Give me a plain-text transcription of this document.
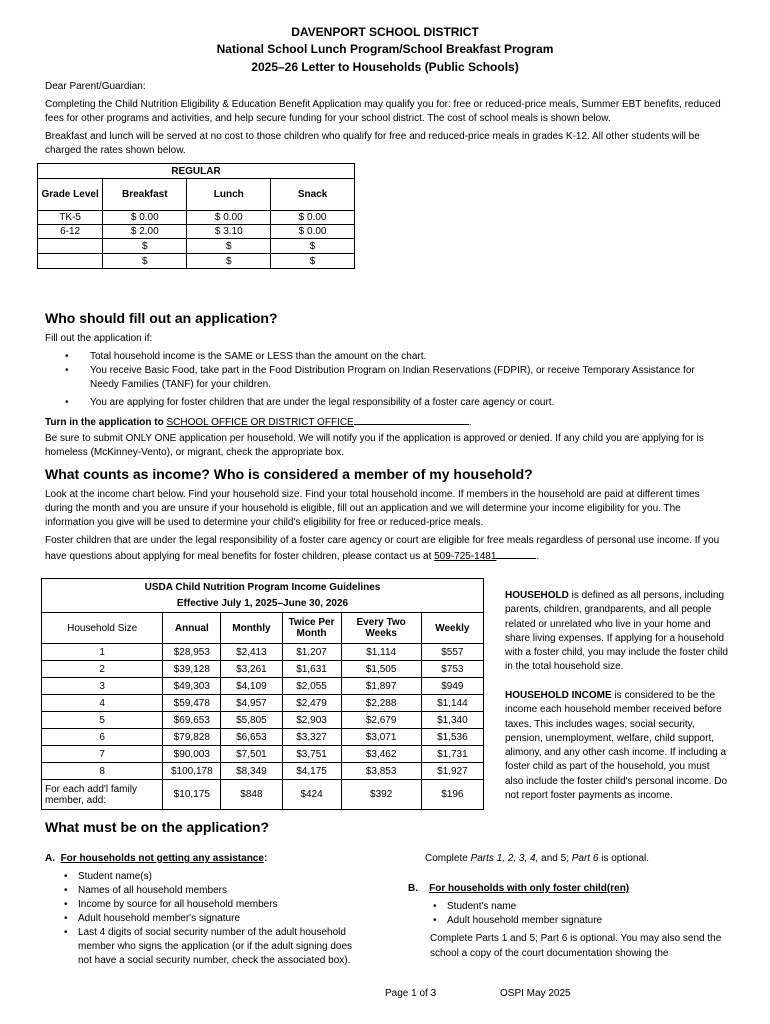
DAVENPORT SCHOOL DISTRICT
National School Lunch Program/School Breakfast Program
2025–26 Letter to Households (Public Schools)
Dear Parent/Guardian:
Completing the Child Nutrition Eligibility & Education Benefit Application may qualify you for: free or reduced-price meals, Summer EBT benefits, reduced fees for other programs and activities, and help secure funding for your school district. The cost of school meals is shown below.
Breakfast and lunch will be served at no cost to those children who qualify for free and reduced-price meals in grades K-12. All other students will be charged the rates shown below.
REGULAR			
Grade Level	Breakfast	Lunch	Snack
TK-5	$ 0.00	$ 0.00	$ 0.00
6-12	$ 2.00	$ 3.10	$ 0.00
	$	$	$
	$	$	$
Who should fill out an application?
Fill out the application if:
• Total household income is the SAME or LESS than the amount on the chart.
• You receive Basic Food, take part in the Food Distribution Program on Indian Reservations (FDPIR), or receive Temporary Assistance for Needy Families (TANF) for your children.
• You are applying for foster children that are under the legal responsibility of a foster care agency or court.
Turn in the application to SCHOOL OFFICE OR DISTRICT OFFICE	.
Be sure to submit ONLY ONE application per household. We will notify you if the application is approved or denied. If any child you are applying for is homeless (McKinney-Vento), or migrant, check the appropriate box.
What counts as income? Who is considered a member of my household?
Look at the income chart below. Find your household size. Find your total household income. If members in the household are paid at different times during the month and you are unsure if your household is eligible, fill out an application and we will determine your income eligibility for you. The information you give will be used to determine your child's eligibility for free or reduced-price meals.
Foster children that are under the legal responsibility of a foster care agency or court are eligible for free meals regardless of personal use income. If you have questions about applying for meal benefits for foster children, please contact us at 509-725-1481	.
USDA Child Nutrition Program Income Guidelines
Effective July 1, 2025–June 30, 2026					

Household Size	Annual	Monthly	Twice Per Month	Every Two Weeks	Weekly
1	$28,953	$2,413	$1,207	$1,114	$557
2	$39,128	$3,261	$1,631	$1,505	$753
3	$49,303	$4,109	$2,055	$1,897	$949
4	$59,478	$4,957	$2,479	$2,288	$1,144
5	$69,653	$5,805	$2,903	$2,679	$1,340
6	$79,828	$6,653	$3,327	$3,071	$1,536
7	$90,003	$7,501	$3,751	$3,462	$1,731
8	$100,178	$8,349	$4,175	$3,853	$1,927
For each add'l family member, add:	$10,175	$848	$424	$392	$196
HOUSEHOLD is defined as all persons, including parents, children, grandparents, and all people related or unrelated who live in your home and share living expenses. If applying for a household with a foster child, you may include the foster child in the total household size.
HOUSEHOLD INCOME is considered to be the income each household member received before taxes. This includes wages, social security, pension, unemployment, welfare, child support, alimony, and any other cash income. If including a foster child as part of the household, you must also include the foster child's personal income. Do not report foster payments as income.
What must be on the application?
A. For households not getting any assistance:
• Student name(s)
• Names of all household members
• Income by source for all household members
• Adult household member's signature
• Last 4 digits of social security number of the adult household member who signs the application (or if the adult signing does not have a social security number, check the associated box).
Complete Parts 1, 2, 3, 4, and 5; Part 6 is optional.
B. For households with only foster child(ren)
• Student's name
• Adult household member signature
Complete Parts 1 and 5; Part 6 is optional. You may also send the school a copy of the court documentation showing the
Page 1 of 3	OSPI May 2025
